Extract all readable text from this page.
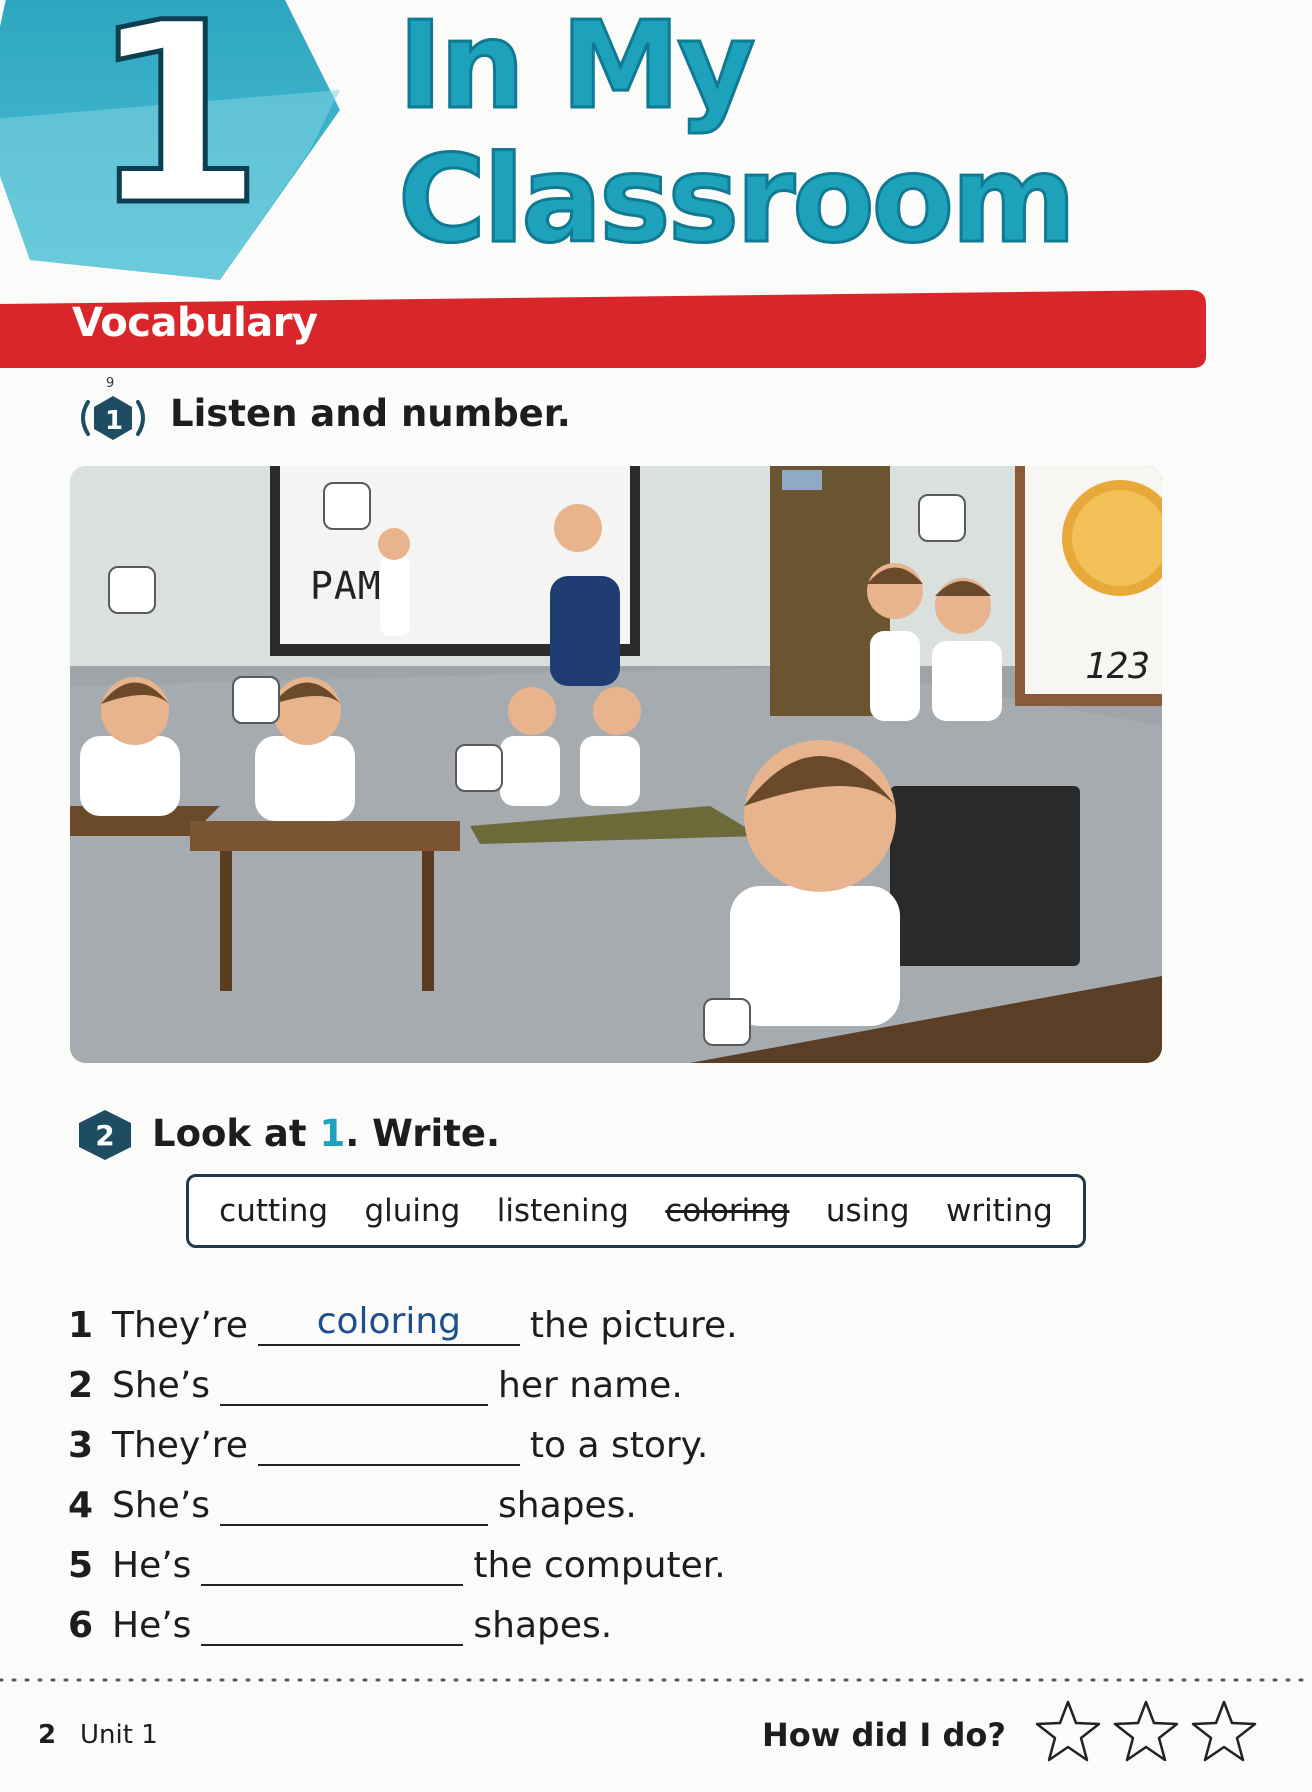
1 In My
Classroom
Vocabulary
9
1 Listen and number.
PAM
123
2	Look at 1. Write.
cutting gluing listening coloring using writing
1 They’re	coloring	the picture.
2 She’s	her name.
3 They’re	to a story.
4 She’s	shapes.
5 He’s	the computer.
6 He’s	shapes.
2 Unit 1	How did I do?
